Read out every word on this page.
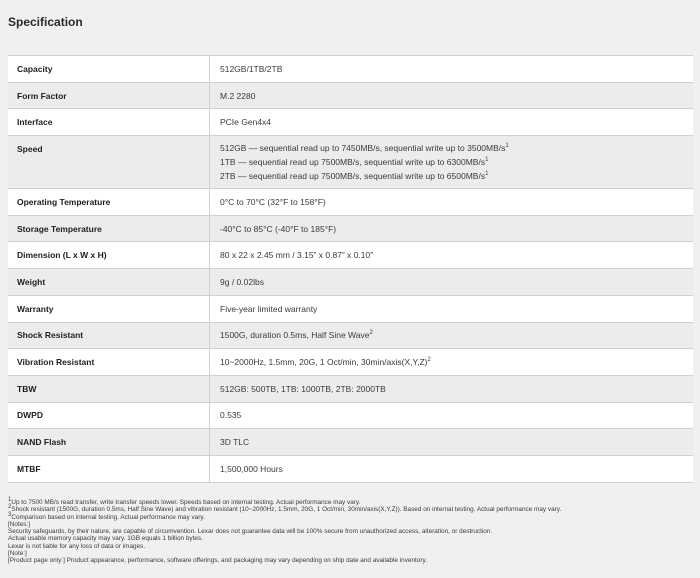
Specification
Capacity	512GB/1TB/2TB
Form Factor	M.2 2280
Interface	PCIe Gen4x4
Speed	512GB — sequential read up to 7450MB/s, sequential write up to $3500MB/s^1$
1TB — sequential read up 7500MB/s, sequential write up to $6300MB/s^1$
2TB — sequential read up 7500MB/s, sequential write up to $6500MB/s^1$

Operating Temperature	0°C to 70°C (32°F to 158°F)
Storage Temperature	-40°C to 85°C (-40°F to 185°F)
Dimension (L x W x H)	80 x 22 x 2.45 mm / 3.15” x 0.87” x 0.10”
Weight	9g / 0.02lbs
Warranty	Five-year limited warranty
Shock Resistant	1500G, duration 0.5ms, Half Sine Wave$^2$
Vibration Resistant	10~2000Hz, 1.5mm, 20G, 1 Oct/min, $30\min/axis(X,Y,Z)^2$
TBW	512GB: 500TB, 1TB: 1000TB, 2TB: 2000TB
DWPD	0.535
NAND Flash	3D TLC
MTBF	1,500,000 Hours
$^1$Up to 7500 MB/s read transfer, write transfer speeds lower. Speeds based on internal testing. Actual performance may vary.
$^2$Shock resistant (1500G, duration 0.5ms, Half Sine Wave) and vibration resistant (10~2000Hz, 1.5mm, 20G, 1 Oct/min, 30min/axis(X,Y,Z)). Based on internal testing. Actual performance may vary.
$^3$Comparison based on internal testing. Actual performance may vary.
[Notes:]
Security safeguards, by their nature, are capable of circumvention. Lexar does not guarantee data will be 100% secure from unauthorized access, alteration, or destruction.
Actual usable memory capacity may vary. 1GB equals 1 billion bytes.
Lexar is not liable for any loss of data or images.
[Note:]
[Product page only:] Product appearance, performance, software offerings, and packaging may vary depending on ship date and available inventory.
